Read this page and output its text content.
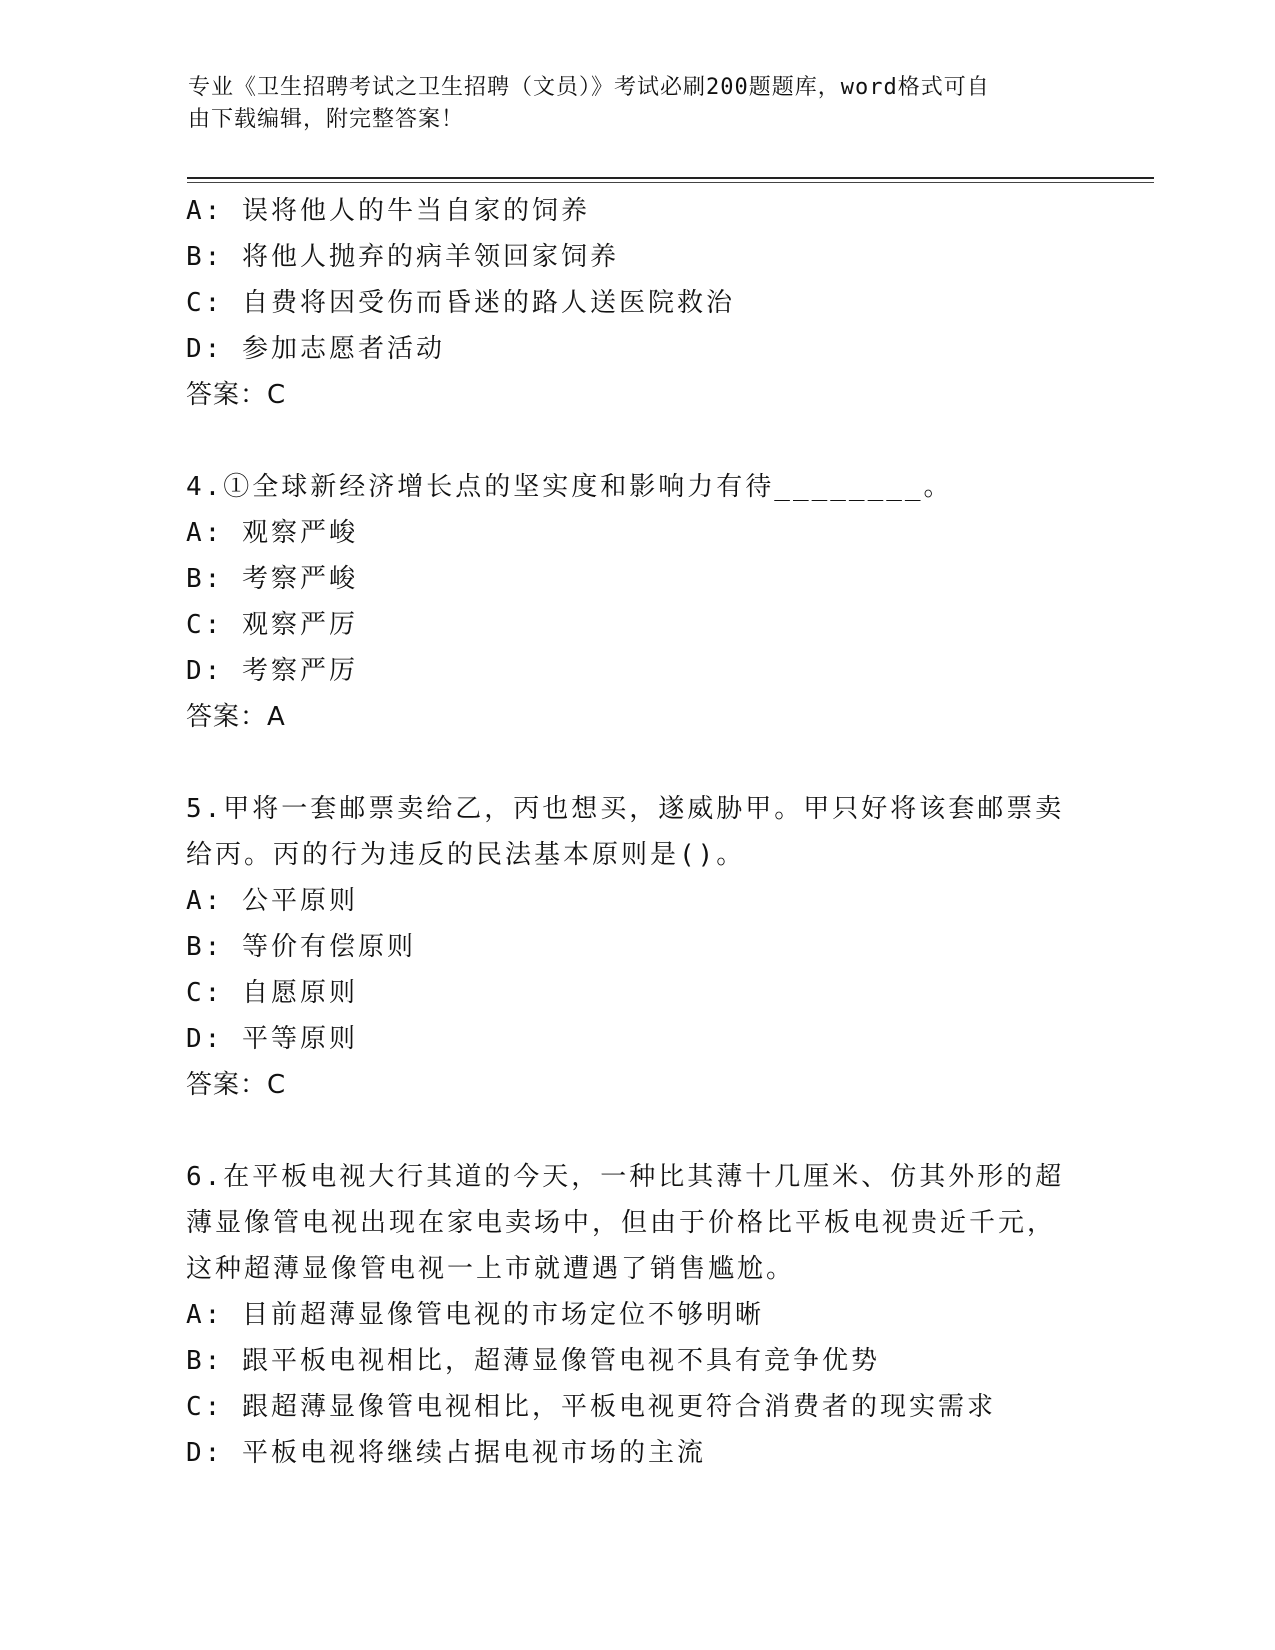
专业《卫生招聘考试之卫生招聘（文员）》考试必刷200题题库，word格式可自
由下载编辑，附完整答案！
A: 误将他人的牛当自家的饲养
B: 将他人抛弃的病羊领回家饲养
C: 自费将因受伤而昏迷的路人送医院救治
D: 参加志愿者活动
答案：C
4.①全球新经济增长点的坚实度和影响力有待________。
A: 观察严峻
B: 考察严峻
C: 观察严厉
D: 考察严厉
答案：A
5.甲将一套邮票卖给乙，丙也想买，遂威胁甲。甲只好将该套邮票卖
给丙。丙的行为违反的民法基本原则是()。
A: 公平原则
B: 等价有偿原则
C: 自愿原则
D: 平等原则
答案：C
6.在平板电视大行其道的今天，一种比其薄十几厘米、仿其外形的超
薄显像管电视出现在家电卖场中，但由于价格比平板电视贵近千元，
这种超薄显像管电视一上市就遭遇了销售尴尬。
A: 目前超薄显像管电视的市场定位不够明晰
B: 跟平板电视相比，超薄显像管电视不具有竞争优势
C: 跟超薄显像管电视相比，平板电视更符合消费者的现实需求
D: 平板电视将继续占据电视市场的主流
